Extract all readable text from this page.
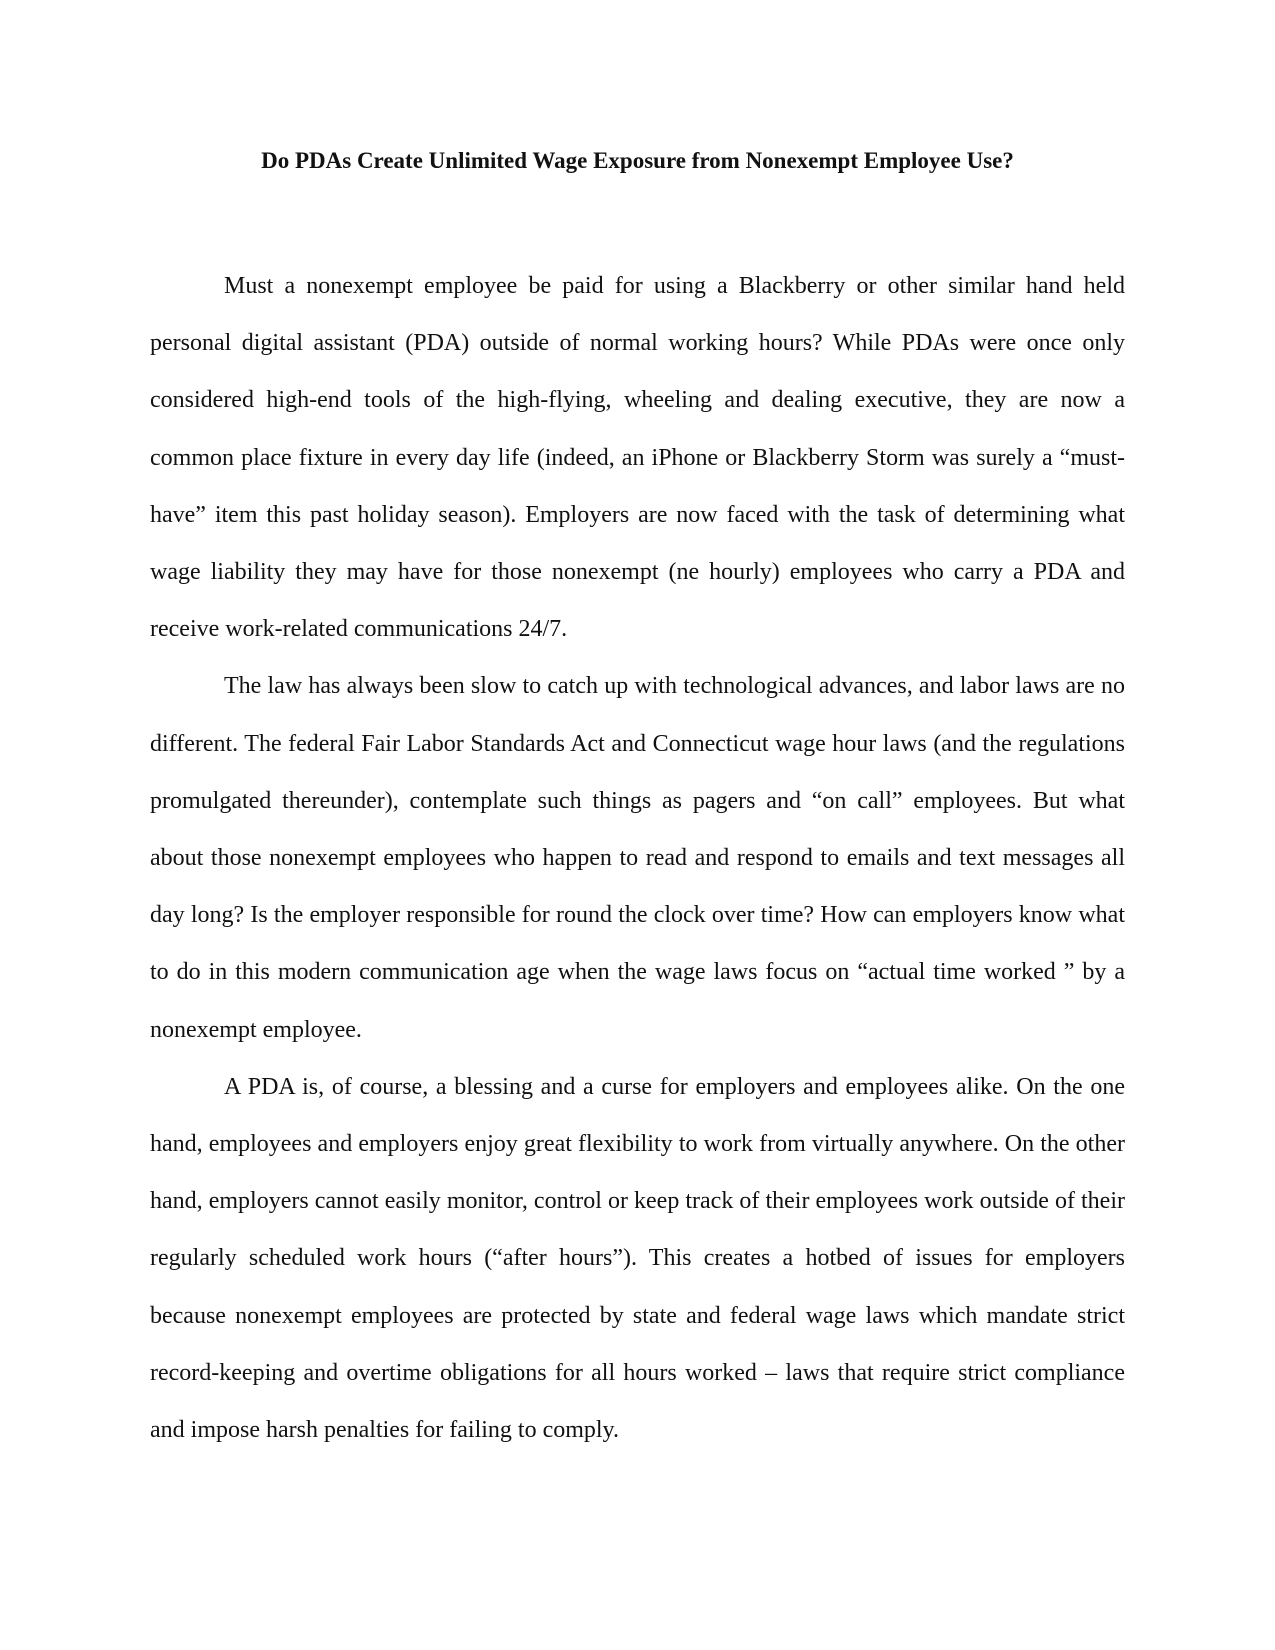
Do PDAs Create Unlimited Wage Exposure from Nonexempt Employee Use?

Must a nonexempt employee be paid for using a Blackberry or other similar hand held personal digital assistant (PDA) outside of normal working hours? While PDAs were once only considered high-end tools of the high-flying, wheeling and dealing executive, they are now a common place fixture in every day life (indeed, an iPhone or Blackberry Storm was surely a “must-have” item this past holiday season). Employers are now faced with the task of determining what wage liability they may have for those nonexempt (ne hourly) employees who carry a PDA and receive work-related communications 24/7.

The law has always been slow to catch up with technological advances, and labor laws are no different. The federal Fair Labor Standards Act and Connecticut wage hour laws (and the regulations promulgated thereunder), contemplate such things as pagers and “on call” employees. But what about those nonexempt employees who happen to read and respond to emails and text messages all day long? Is the employer responsible for round the clock over time? How can employers know what to do in this modern communication age when the wage laws focus on “actual time worked ” by a nonexempt employee.

A PDA is, of course, a blessing and a curse for employers and employees alike. On the one hand, employees and employers enjoy great flexibility to work from virtually anywhere. On the other hand, employers cannot easily monitor, control or keep track of their employees work outside of their regularly scheduled work hours (“after hours”). This creates a hotbed of issues for employers because nonexempt employees are protected by state and federal wage laws which mandate strict record-keeping and overtime obligations for all hours worked – laws that require strict compliance and impose harsh penalties for failing to comply.
